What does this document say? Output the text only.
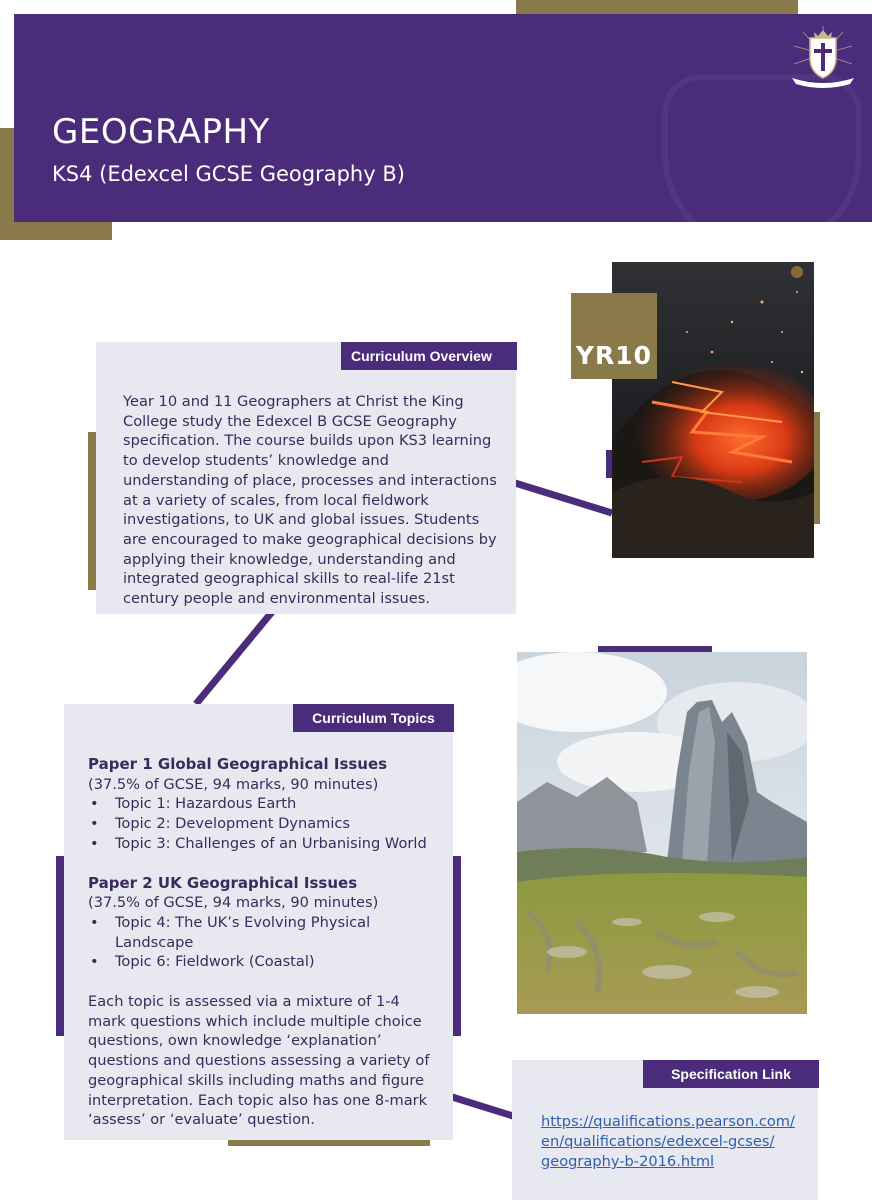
GEOGRAPHY
KS4 (Edexcel GCSE Geography B)
Curriculum Overview
Year 10 and 11 Geographers at Christ the King College study the Edexcel B GCSE Geography specification. The course builds upon KS3 learning to develop students’ knowledge and understanding of place, processes and interactions at a variety of scales, from local fieldwork investigations, to UK and global issues. Students are encouraged to make geographical decisions by applying their knowledge, understanding and integrated geographical skills to real-life 21st century people and environmental issues.
YR10
Curriculum Topics
Paper 1 Global Geographical Issues (37.5% of GCSE, 94 marks, 90 minutes)
• Topic 1: Hazardous Earth
• Topic 2: Development Dynamics
• Topic 3: Challenges of an Urbanising World
Paper 2 UK Geographical Issues
(37.5% of GCSE, 94 marks, 90 minutes)
• Topic 4: The UK’s Evolving Physical Landscape
• Topic 6: Fieldwork (Coastal)
Each topic is assessed via a mixture of 1-4 mark questions which include multiple choice questions, own knowledge ‘explanation’ questions and questions assessing a variety of geographical skills including maths and figure interpretation. Each topic also has one 8-mark ‘assess’ or ‘evaluate’ question.
Specification Link
https://qualifications.pearson.com/
en/qualifications/edexcel-gcses/
geography-b-2016.html
